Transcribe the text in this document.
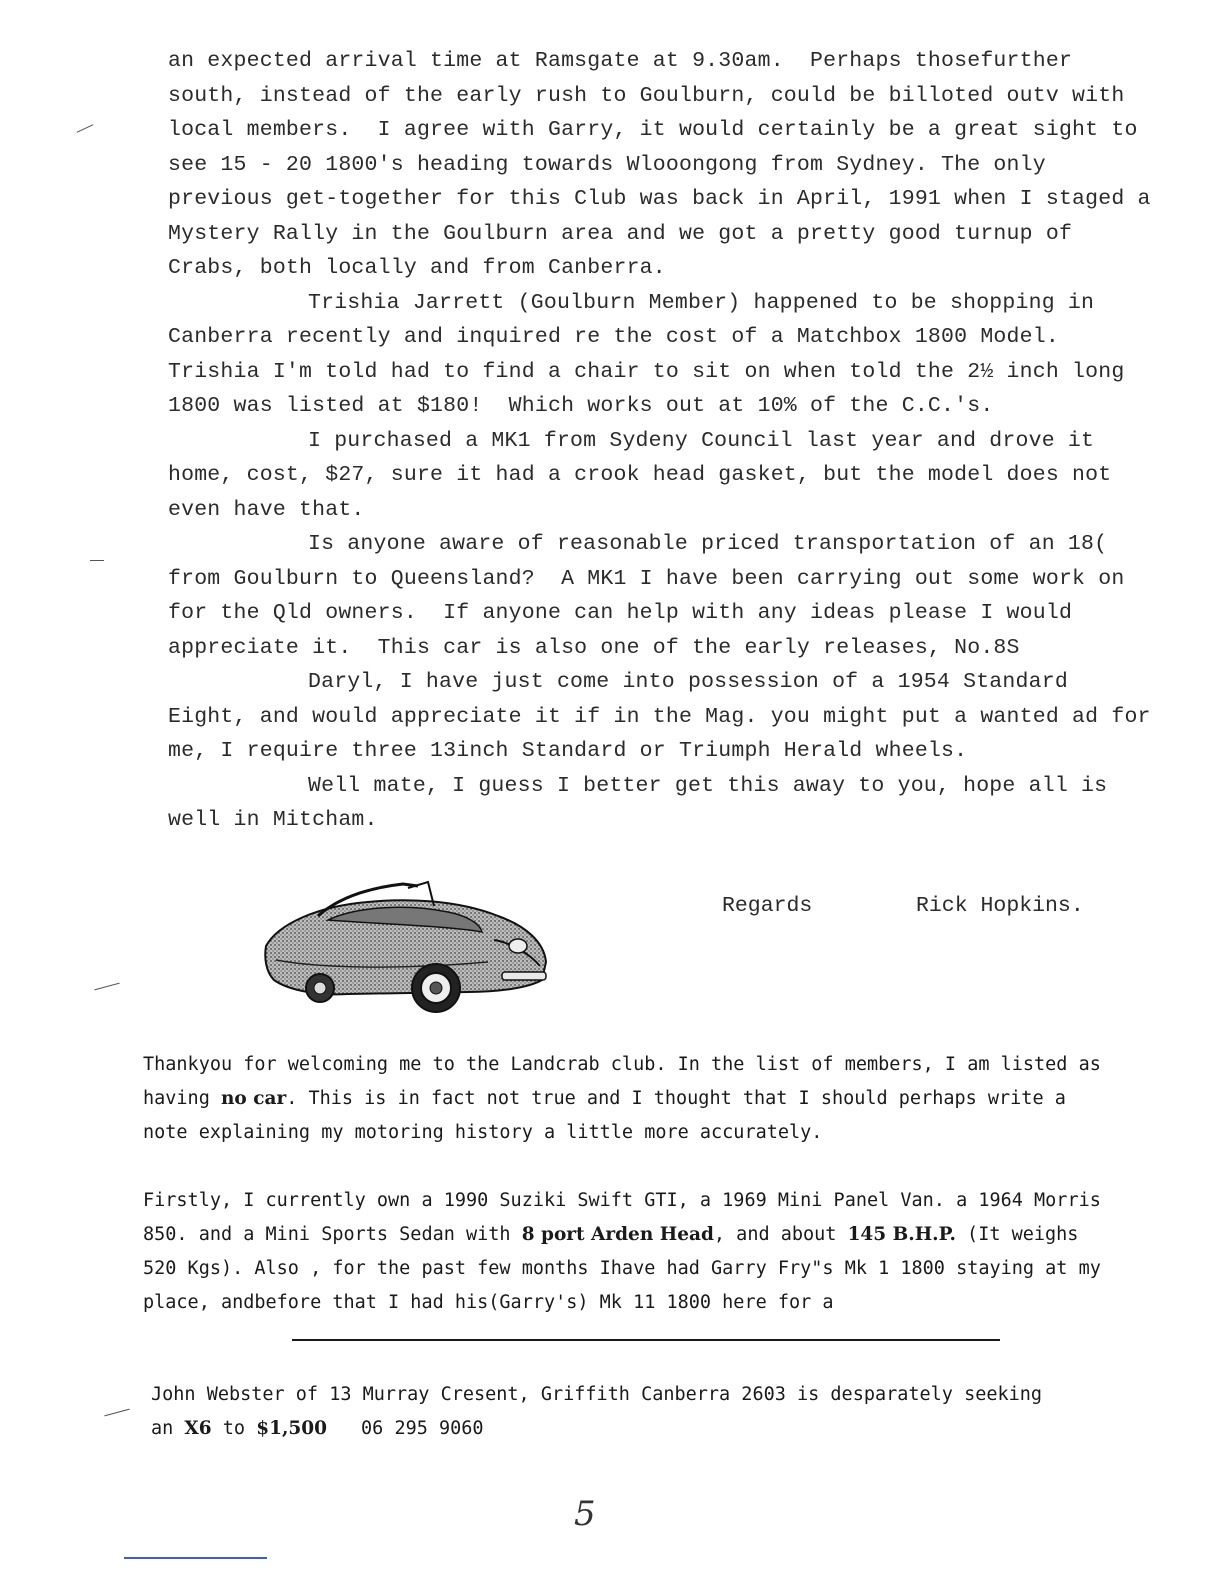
an expected arrival time at Ramsgate at 9.30am.  Perhaps thosefurther south, instead of the early rush to Goulburn, could be billoted outv with local members.  I agree with Garry, it would certainly be a great sight to see 15 - 20 1800's heading towards Wlooongong from Sydney. The only previous get-together for this Club was back in April, 1991 when I staged a Mystery Rally in the Goulburn area and we got a pretty good turnup of Crabs, both locally and from Canberra.

Trishia Jarrett (Goulburn Member) happened to be shopping in Canberra recently and inquired re the cost of a Matchbox 1800 Model. Trishia I'm told had to find a chair to sit on when told the 2½ inch long 1800 was listed at $180!  Which works out at 10% of the C.C.'s.

I purchased a MK1 from Sydeny Council last year and drove it home, cost, $27, sure it had a crook head gasket, but the model does not even have that.

Is anyone aware of reasonable priced transportation of an 18( from Goulburn to Queensland?  A MK1 I have been carrying out some work on for the Qld owners.  If anyone can help with any ideas please I would appreciate it.  This car is also one of the early releases, No.8S

Daryl, I have just come into possession of a 1954 Standard Eight, and would appreciate it if in the Mag. you might put a wanted ad for me, I require three 13inch Standard or Triumph Herald wheels.

Well mate, I guess I better get this away to you, hope all is well in Mitcham.

Regards	Rick Hopkins.

Thankyou for welcoming me to the Landcrab club. In the list of members, I am listed as having no car. This is in fact not true and I thought that I should perhaps write a note explaining my motoring history a little more accurately.

Firstly, I currently own a 1990 Suziki Swift GTI, a 1969 Mini Panel Van. a 1964 Morris 850. and a Mini Sports Sedan with 8 port Arden Head, and about 145 B.H.P. (It weighs 520 Kgs). Also , for the past few months Ihave had Garry Fry"s Mk 1 1800 staying at my place, andbefore that I had his(Garry's) Mk 11 1800 here for a

John Webster of 13 Murray Cresent, Griffith Canberra 2603 is desparately seeking

an X6 to $1,500 06 295 9060

5
